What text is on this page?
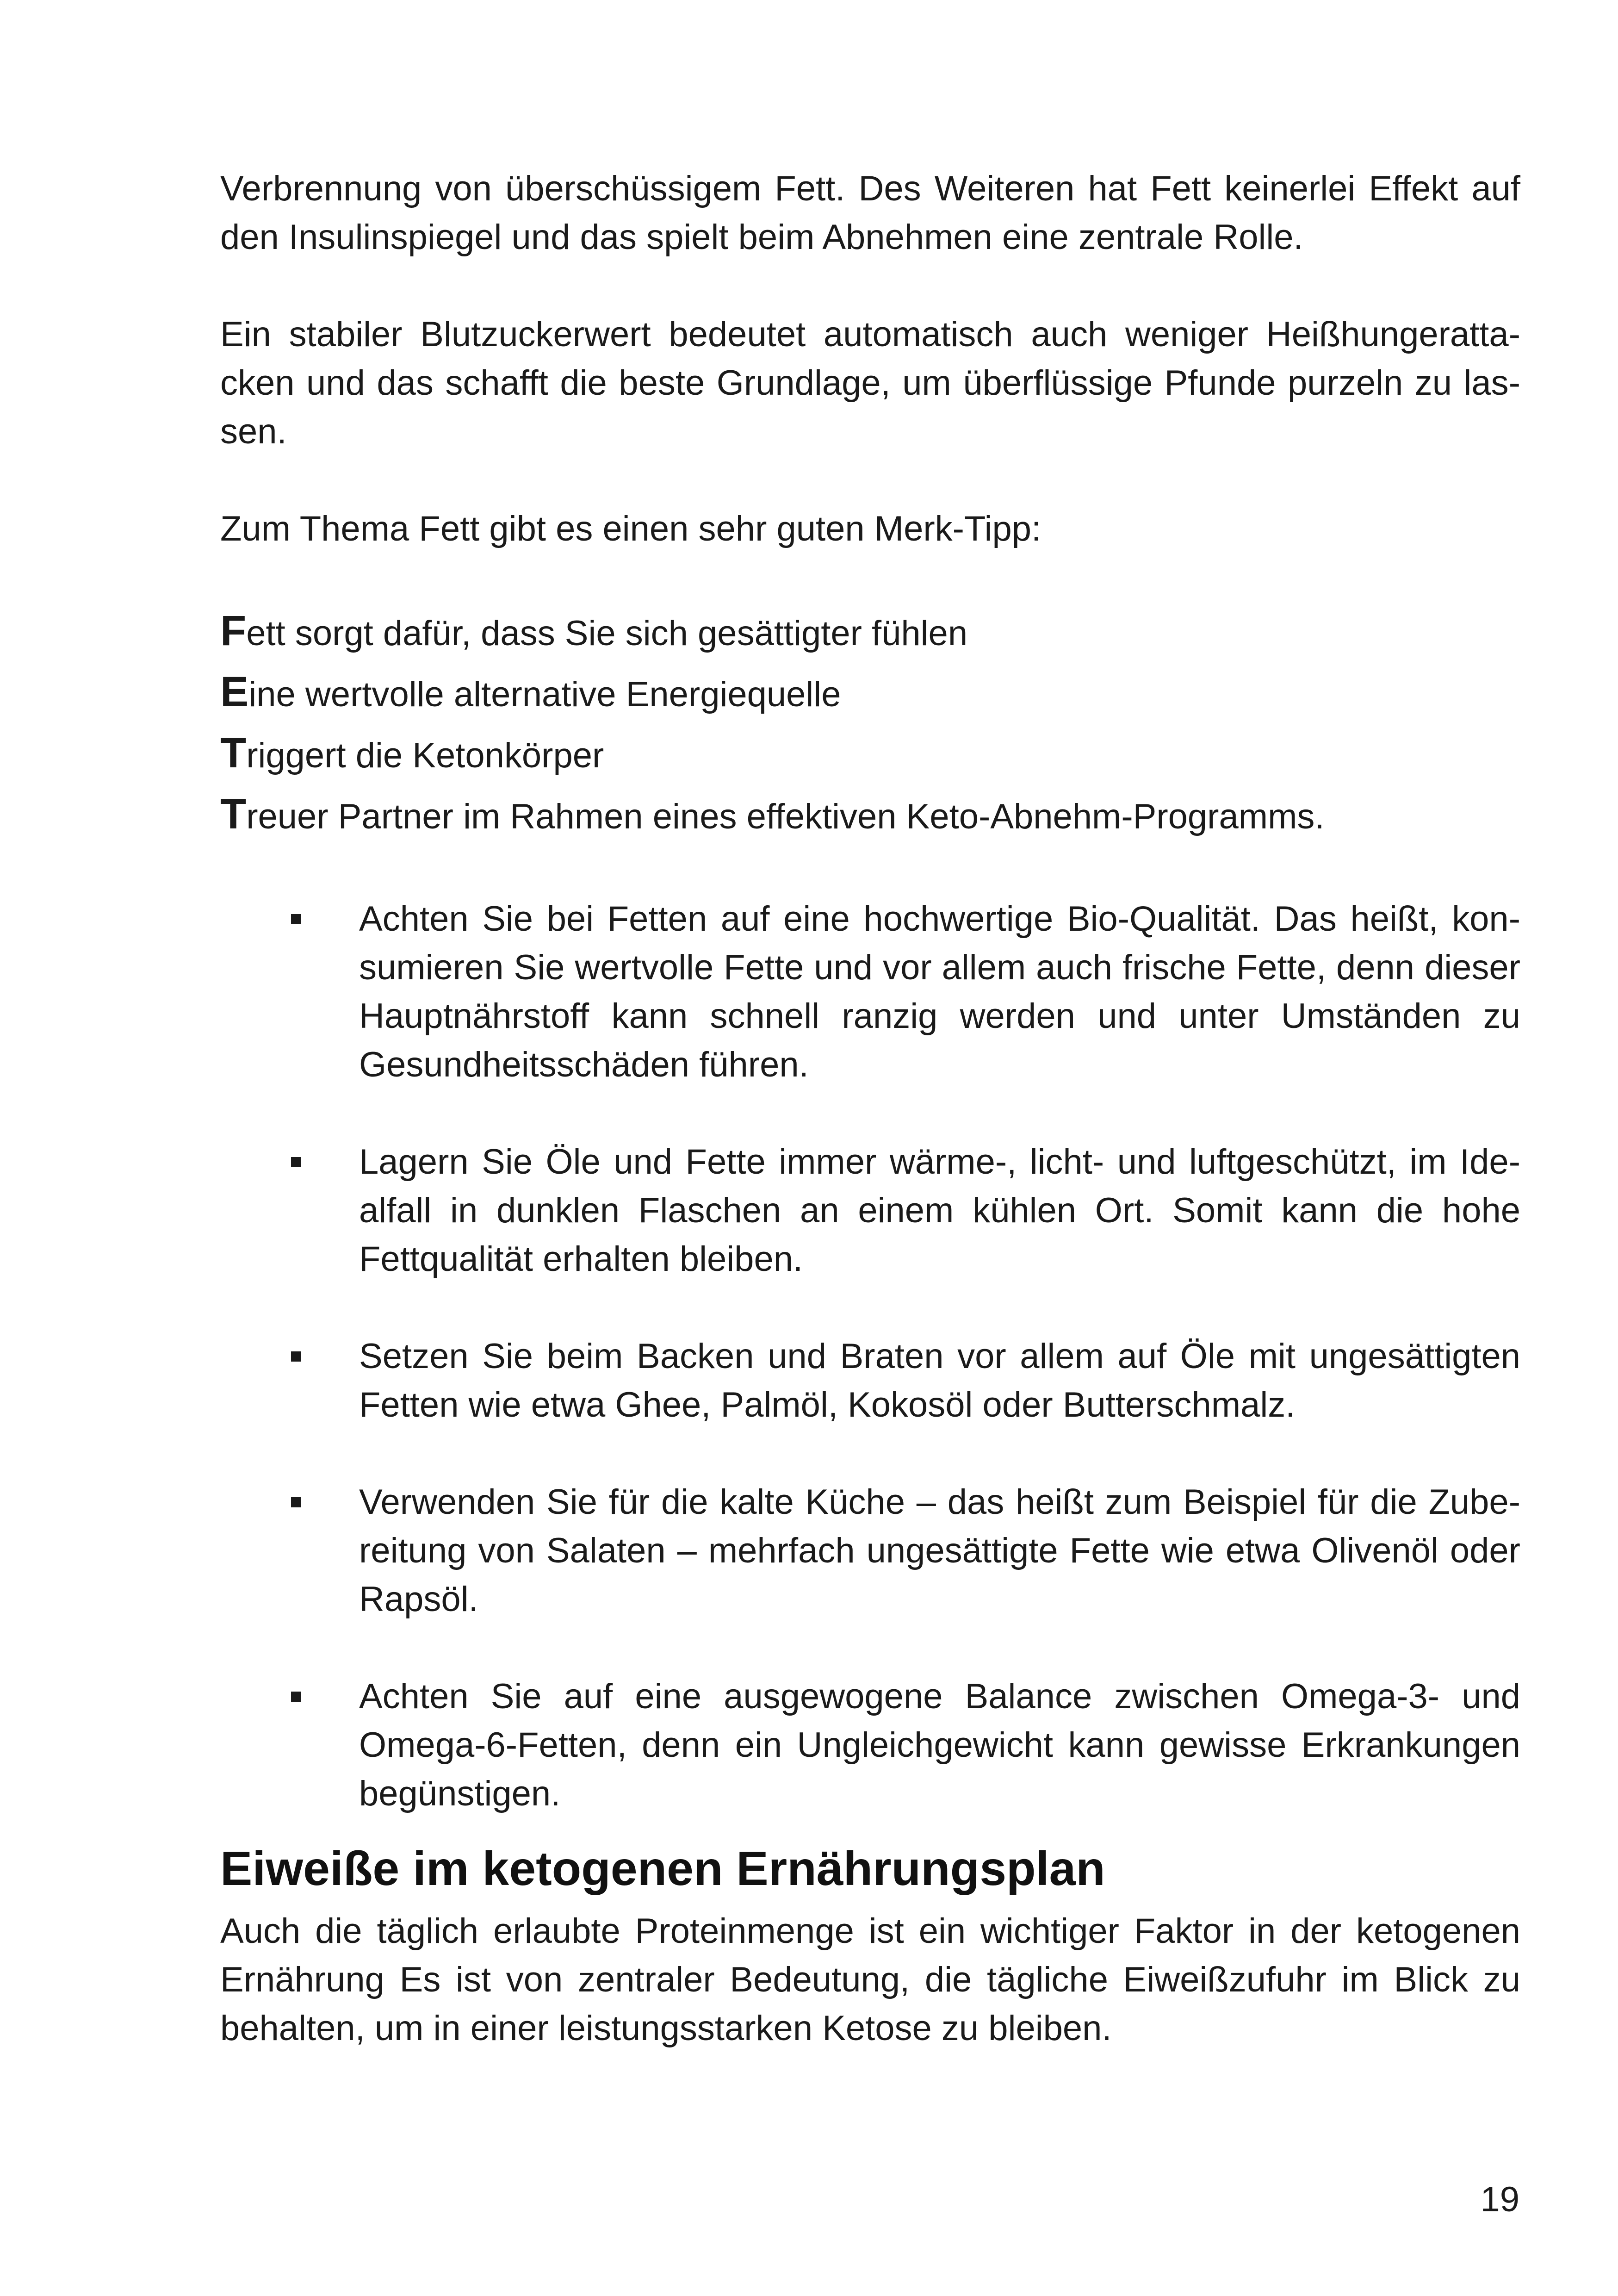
Verbrennung von überschüssigem Fett. Des Weiteren hat Fett keinerlei Effekt auf den Insulinspiegel und das spielt beim Abnehmen eine zentrale Rolle.

Ein stabiler Blutzuckerwert bedeutet automatisch auch weniger Heißhungerattacken und das schafft die beste Grundlage, um überflüssige Pfunde purzeln zu lassen.

Zum Thema Fett gibt es einen sehr guten Merk-Tipp:

Fett sorgt dafür, dass Sie sich gesättigter fühlen
Eine wertvolle alternative Energiequelle
Triggert die Ketonkörper
Treuer Partner im Rahmen eines effektiven Keto-Abnehm-Programms.
Achten Sie bei Fetten auf eine hochwertige Bio-Qualität. Das heißt, konsumieren Sie wertvolle Fette und vor allem auch frische Fette, denn dieser Hauptnährstoff kann schnell ranzig werden und unter Umständen zu Gesundheitsschäden führen.
Lagern Sie Öle und Fette immer wärme-, licht- und luftgeschützt, im Idealfall in dunklen Flaschen an einem kühlen Ort. Somit kann die hohe Fettqualität erhalten bleiben.
Setzen Sie beim Backen und Braten vor allem auf Öle mit ungesättigten Fetten wie etwa Ghee, Palmöl, Kokosöl oder Butterschmalz.
Verwenden Sie für die kalte Küche – das heißt zum Beispiel für die Zubereitung von Salaten – mehrfach ungesättigte Fette wie etwa Olivenöl oder Rapsöl.
Achten Sie auf eine ausgewogene Balance zwischen Omega-3- und Omega-6-Fetten, denn ein Ungleichgewicht kann gewisse Erkrankungen begünstigen.
Eiweiße im ketogenen Ernährungsplan

Auch die täglich erlaubte Proteinmenge ist ein wichtiger Faktor in der ketogenen Ernährung Es ist von zentraler Bedeutung, die tägliche Eiweißzufuhr im Blick zu behalten, um in einer leistungsstarken Ketose zu bleiben.

19
